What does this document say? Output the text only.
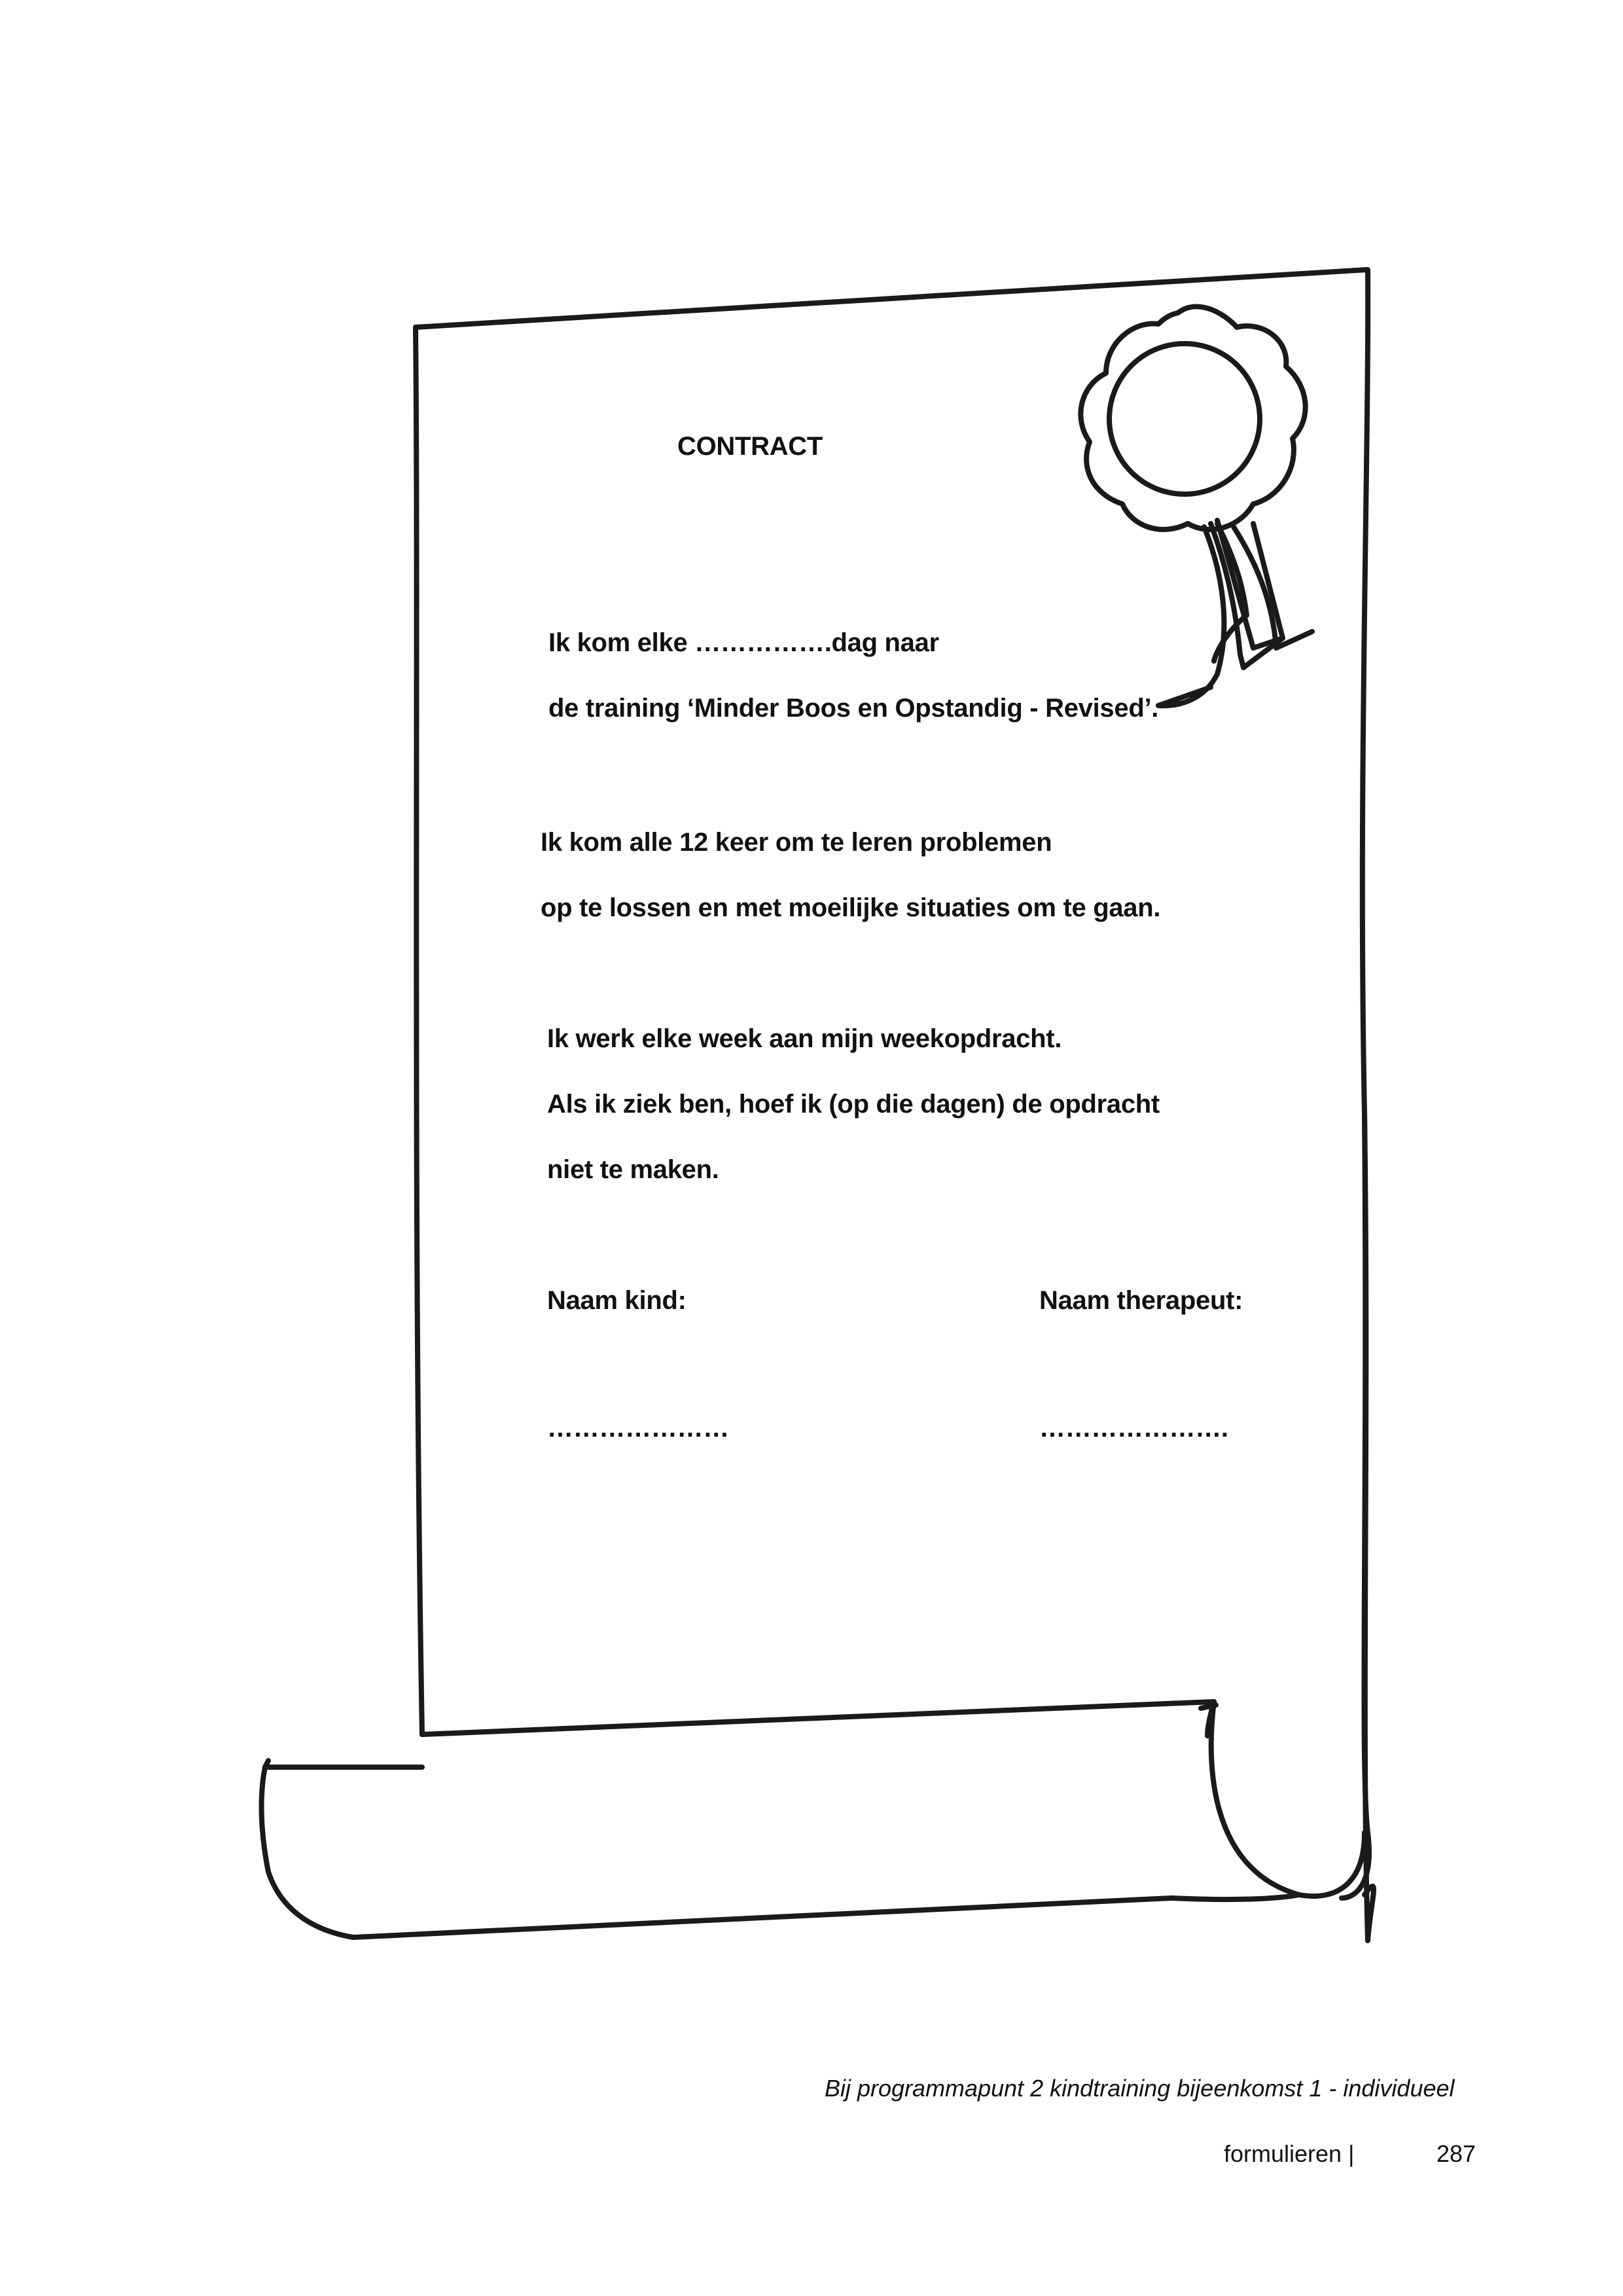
CONTRACT
Ik kom elke …………….dag naar
de training ‘Minder Boos en Opstandig - Revised’.
Ik kom alle 12 keer om te leren problemen
op te lossen en met moeilijke situaties om te gaan.
Ik werk elke week aan mijn weekopdracht.
Als ik ziek ben, hoef ik (op die dagen) de opdracht
niet te maken.
Naam kind:	Naam therapeut:
…………………	………………….
Bij programmapunt 2 kindtraining bijeenkomst 1 - individueel
formulieren |	287
